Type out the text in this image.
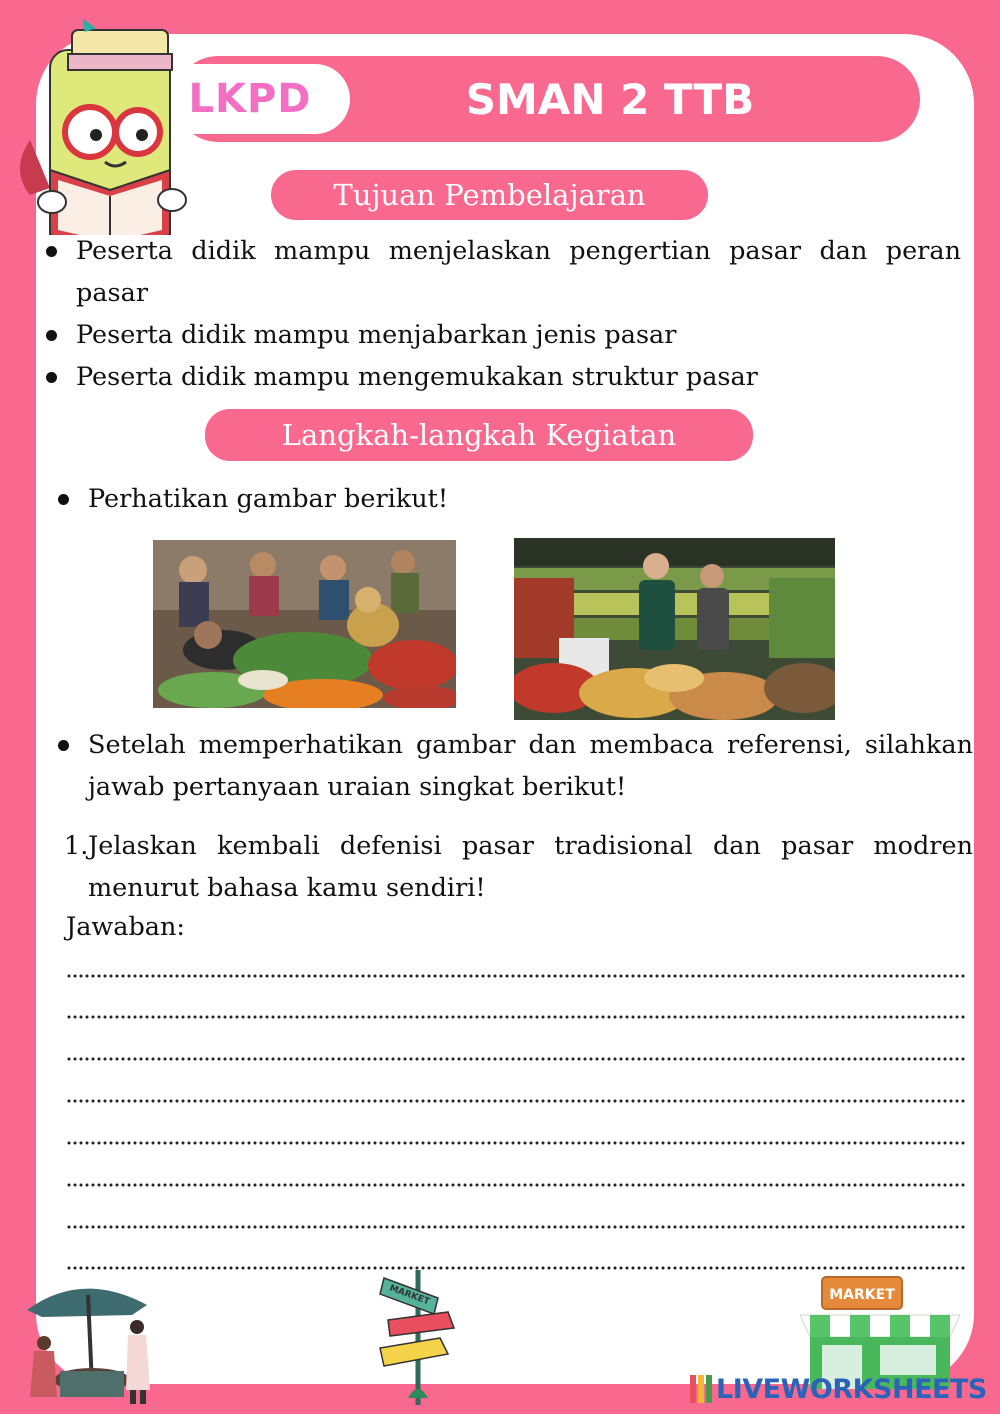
LKPD	SMAN 2 TTB
Tujuan Pembelajaran
Peserta didik mampu menjelaskan pengertian pasar dan peran pasar
Peserta didik mampu menjabarkan jenis pasar
Peserta didik mampu mengemukakan struktur pasar
Langkah-langkah Kegiatan
Perhatikan gambar berikut!
Setelah memperhatikan gambar dan membaca referensi, silahkan jawab pertanyaan uraian singkat berikut!
1. Jelaskan kembali defenisi pasar tradisional dan pasar modren menurut bahasa kamu sendiri!
Jawaban:
MARKET	MARKET
LIVEWORKSHEETS
